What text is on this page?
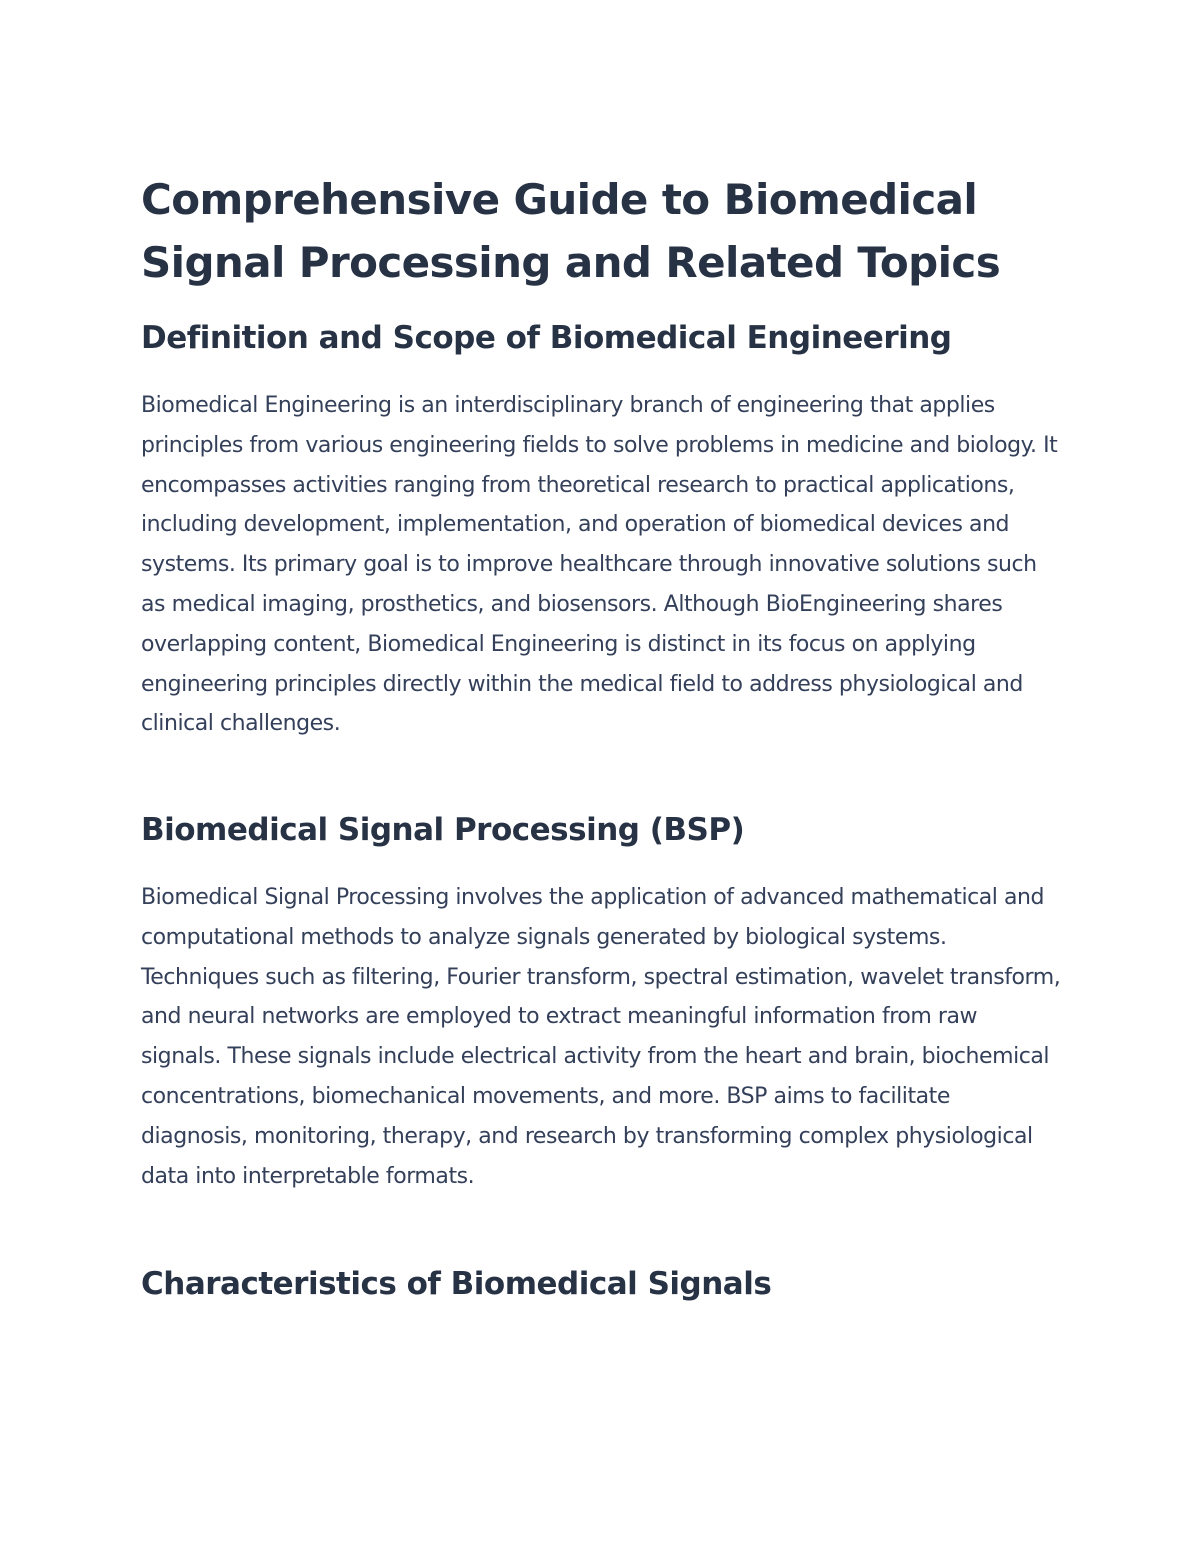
Comprehensive Guide to Biomedical Signal Processing and Related Topics
Definition and Scope of Biomedical Engineering

Biomedical Engineering is an interdisciplinary branch of engineering that applies principles from various engineering fields to solve problems in medicine and biology. It encompasses activities ranging from theoretical research to practical applications, including development, implementation, and operation of biomedical devices and systems. Its primary goal is to improve healthcare through innovative solutions such as medical imaging, prosthetics, and biosensors. Although BioEngineering shares overlapping content, Biomedical Engineering is distinct in its focus on applying engineering principles directly within the medical field to address physiological and clinical challenges.

Biomedical Signal Processing (BSP)

Biomedical Signal Processing involves the application of advanced mathematical and computational methods to analyze signals generated by biological systems. Techniques such as filtering, Fourier transform, spectral estimation, wavelet transform, and neural networks are employed to extract meaningful information from raw signals. These signals include electrical activity from the heart and brain, biochemical concentrations, biomechanical movements, and more. BSP aims to facilitate diagnosis, monitoring, therapy, and research by transforming complex physiological data into interpretable formats.

Characteristics of Biomedical Signals
